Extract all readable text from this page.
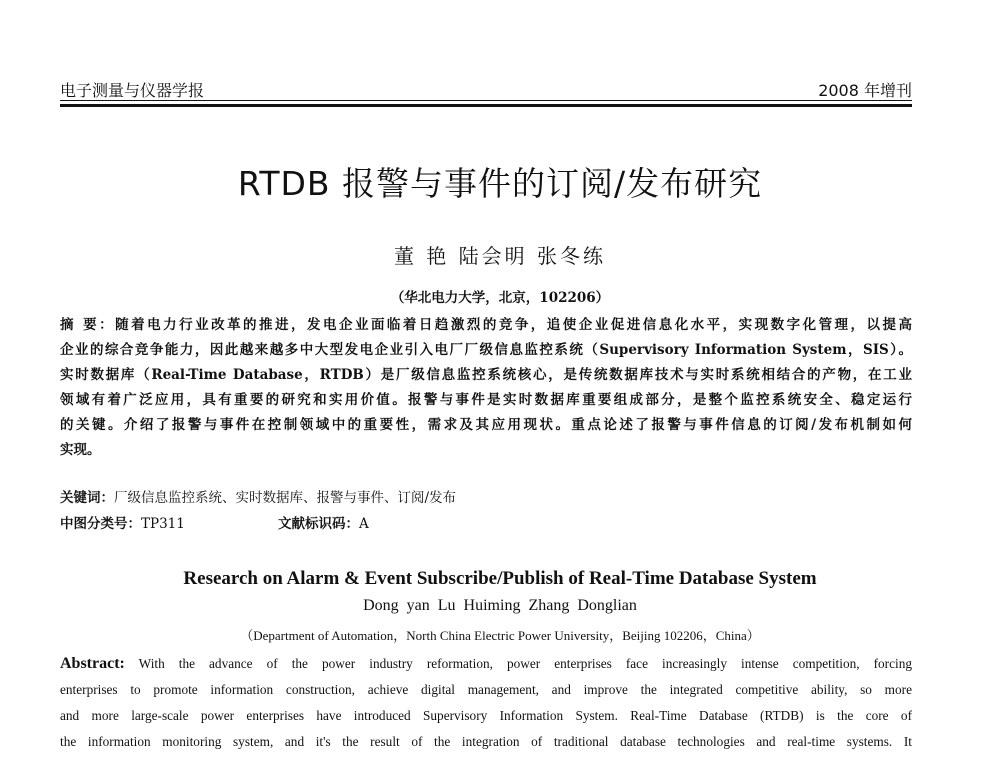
电子测量与仪器学报	2008 年增刊
RTDB 报警与事件的订阅/发布研究
董 艳 陆会明 张冬练
（华北电力大学，北京，102206）
摘 要：随着电力行业改革的推进，发电企业面临着日趋激烈的竞争，追使企业促进信息化水平，实现数字化管理，以提高
企业的综合竞争能力，因此越来越多中大型发电企业引入电厂厂级信息监控系统（Supervisory Information System，SIS）。
实时数据库（Real-Time Database，RTDB）是厂级信息监控系统核心，是传统数据库技术与实时系统相结合的产物，在工业
领域有着广泛应用，具有重要的研究和实用价值。报警与事件是实时数据库重要组成部分，是整个监控系统安全、稳定运行
的关键。介绍了报警与事件在控制领域中的重要性，需求及其应用现状。重点论述了报警与事件信息的订阅/发布机制如何
实现。
关键词：厂级信息监控系统、实时数据库、报警与事件、订阅/发布
中图分类号：TP311	文献标识码：A
Research on Alarm & Event Subscribe/Publish of Real-Time Database System
Dong yan Lu Huiming Zhang Donglian
（Department of Automation，North China Electric Power University，Beijing 102206，China）
Abstract: With the advance of the power industry reformation, power enterprises face increasingly intense competition, forcing
enterprises to promote information construction, achieve digital management, and improve the integrated competitive ability, so more
and more large-scale power enterprises have introduced Supervisory Information System. Real-Time Database (RTDB) is the core of
the information monitoring system, and it's the result of the integration of traditional database technologies and real-time systems. It
